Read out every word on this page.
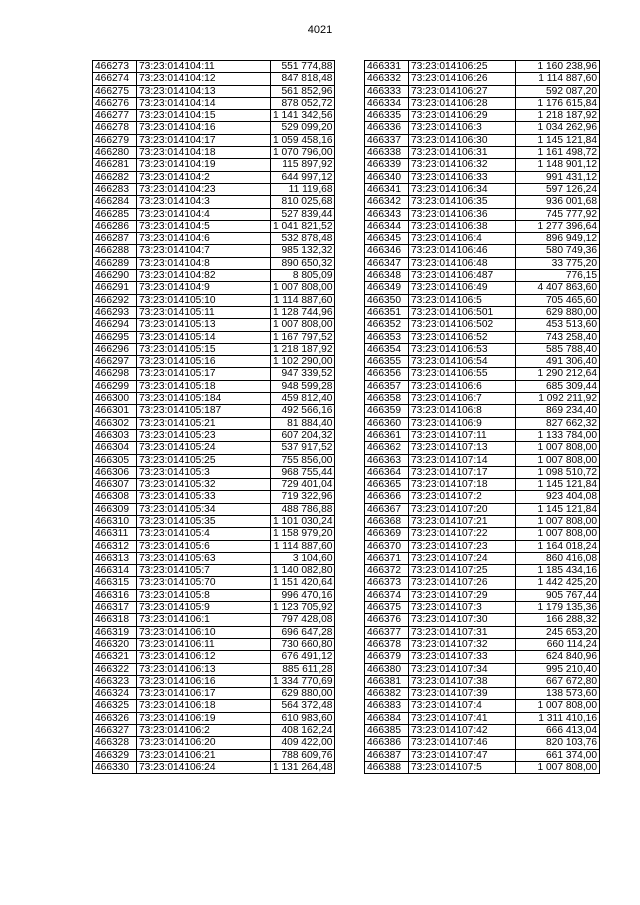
4021
466273	73:23:014104:11	551 774,88
466274	73:23:014104:12	847 818,48
466275	73:23:014104:13	561 852,96
466276	73:23:014104:14	878 052,72
466277	73:23:014104:15	1 141 342,56
466278	73:23:014104:16	529 099,20
466279	73:23:014104:17	1 059 458,16
466280	73:23:014104:18	1 070 796,00
466281	73:23:014104:19	115 897,92
466282	73:23:014104:2	644 997,12
466283	73:23:014104:23	11 119,68
466284	73:23:014104:3	810 025,68
466285	73:23:014104:4	527 839,44
466286	73:23:014104:5	1 041 821,52
466287	73:23:014104:6	532 878,48
466288	73:23:014104:7	985 132,32
466289	73:23:014104:8	890 650,32
466290	73:23:014104:82	8 805,09
466291	73:23:014104:9	1 007 808,00
466292	73:23:014105:10	1 114 887,60
466293	73:23:014105:11	1 128 744,96
466294	73:23:014105:13	1 007 808,00
466295	73:23:014105:14	1 167 797,52
466296	73:23:014105:15	1 218 187,92
466297	73:23:014105:16	1 102 290,00
466298	73:23:014105:17	947 339,52
466299	73:23:014105:18	948 599,28
466300	73:23:014105:184	459 812,40
466301	73:23:014105:187	492 566,16
466302	73:23:014105:21	81 884,40
466303	73:23:014105:23	607 204,32
466304	73:23:014105:24	537 917,52
466305	73:23:014105:25	755 856,00
466306	73:23:014105:3	968 755,44
466307	73:23:014105:32	729 401,04
466308	73:23:014105:33	719 322,96
466309	73:23:014105:34	488 786,88
466310	73:23:014105:35	1 101 030,24
466311	73:23:014105:4	1 158 979,20
466312	73:23:014105:6	1 114 887,60
466313	73:23:014105:63	3 104,60
466314	73:23:014105:7	1 140 082,80
466315	73:23:014105:70	1 151 420,64
466316	73:23:014105:8	996 470,16
466317	73:23:014105:9	1 123 705,92
466318	73:23:014106:1	797 428,08
466319	73:23:014106:10	696 647,28
466320	73:23:014106:11	730 660,80
466321	73:23:014106:12	676 491,12
466322	73:23:014106:13	885 611,28
466323	73:23:014106:16	1 334 770,69
466324	73:23:014106:17	629 880,00
466325	73:23:014106:18	564 372,48
466326	73:23:014106:19	610 983,60
466327	73:23:014106:2	408 162,24
466328	73:23:014106:20	409 422,00
466329	73:23:014106:21	788 609,76
466330	73:23:014106:24	1 131 264,48
466331	73:23:014106:25	1 160 238,96
466332	73:23:014106:26	1 114 887,60
466333	73:23:014106:27	592 087,20
466334	73:23:014106:28	1 176 615,84
466335	73:23:014106:29	1 218 187,92
466336	73:23:014106:3	1 034 262,96
466337	73:23:014106:30	1 145 121,84
466338	73:23:014106:31	1 161 498,72
466339	73:23:014106:32	1 148 901,12
466340	73:23:014106:33	991 431,12
466341	73:23:014106:34	597 126,24
466342	73:23:014106:35	936 001,68
466343	73:23:014106:36	745 777,92
466344	73:23:014106:38	1 277 396,64
466345	73:23:014106:4	896 949,12
466346	73:23:014106:46	580 749,36
466347	73:23:014106:48	33 775,20
466348	73:23:014106:487	776,15
466349	73:23:014106:49	4 407 863,60
466350	73:23:014106:5	705 465,60
466351	73:23:014106:501	629 880,00
466352	73:23:014106:502	453 513,60
466353	73:23:014106:52	743 258,40
466354	73:23:014106:53	585 788,40
466355	73:23:014106:54	491 306,40
466356	73:23:014106:55	1 290 212,64
466357	73:23:014106:6	685 309,44
466358	73:23:014106:7	1 092 211,92
466359	73:23:014106:8	869 234,40
466360	73:23:014106:9	827 662,32
466361	73:23:014107:11	1 133 784,00
466362	73:23:014107:13	1 007 808,00
466363	73:23:014107:14	1 007 808,00
466364	73:23:014107:17	1 098 510,72
466365	73:23:014107:18	1 145 121,84
466366	73:23:014107:2	923 404,08
466367	73:23:014107:20	1 145 121,84
466368	73:23:014107:21	1 007 808,00
466369	73:23:014107:22	1 007 808,00
466370	73:23:014107:23	1 164 018,24
466371	73:23:014107:24	860 416,08
466372	73:23:014107:25	1 185 434,16
466373	73:23:014107:26	1 442 425,20
466374	73:23:014107:29	905 767,44
466375	73:23:014107:3	1 179 135,36
466376	73:23:014107:30	166 288,32
466377	73:23:014107:31	245 653,20
466378	73:23:014107:32	660 114,24
466379	73:23:014107:33	624 840,96
466380	73:23:014107:34	995 210,40
466381	73:23:014107:38	667 672,80
466382	73:23:014107:39	138 573,60
466383	73:23:014107:4	1 007 808,00
466384	73:23:014107:41	1 311 410,16
466385	73:23:014107:42	666 413,04
466386	73:23:014107:46	820 103,76
466387	73:23:014107:47	661 374,00
466388	73:23:014107:5	1 007 808,00
